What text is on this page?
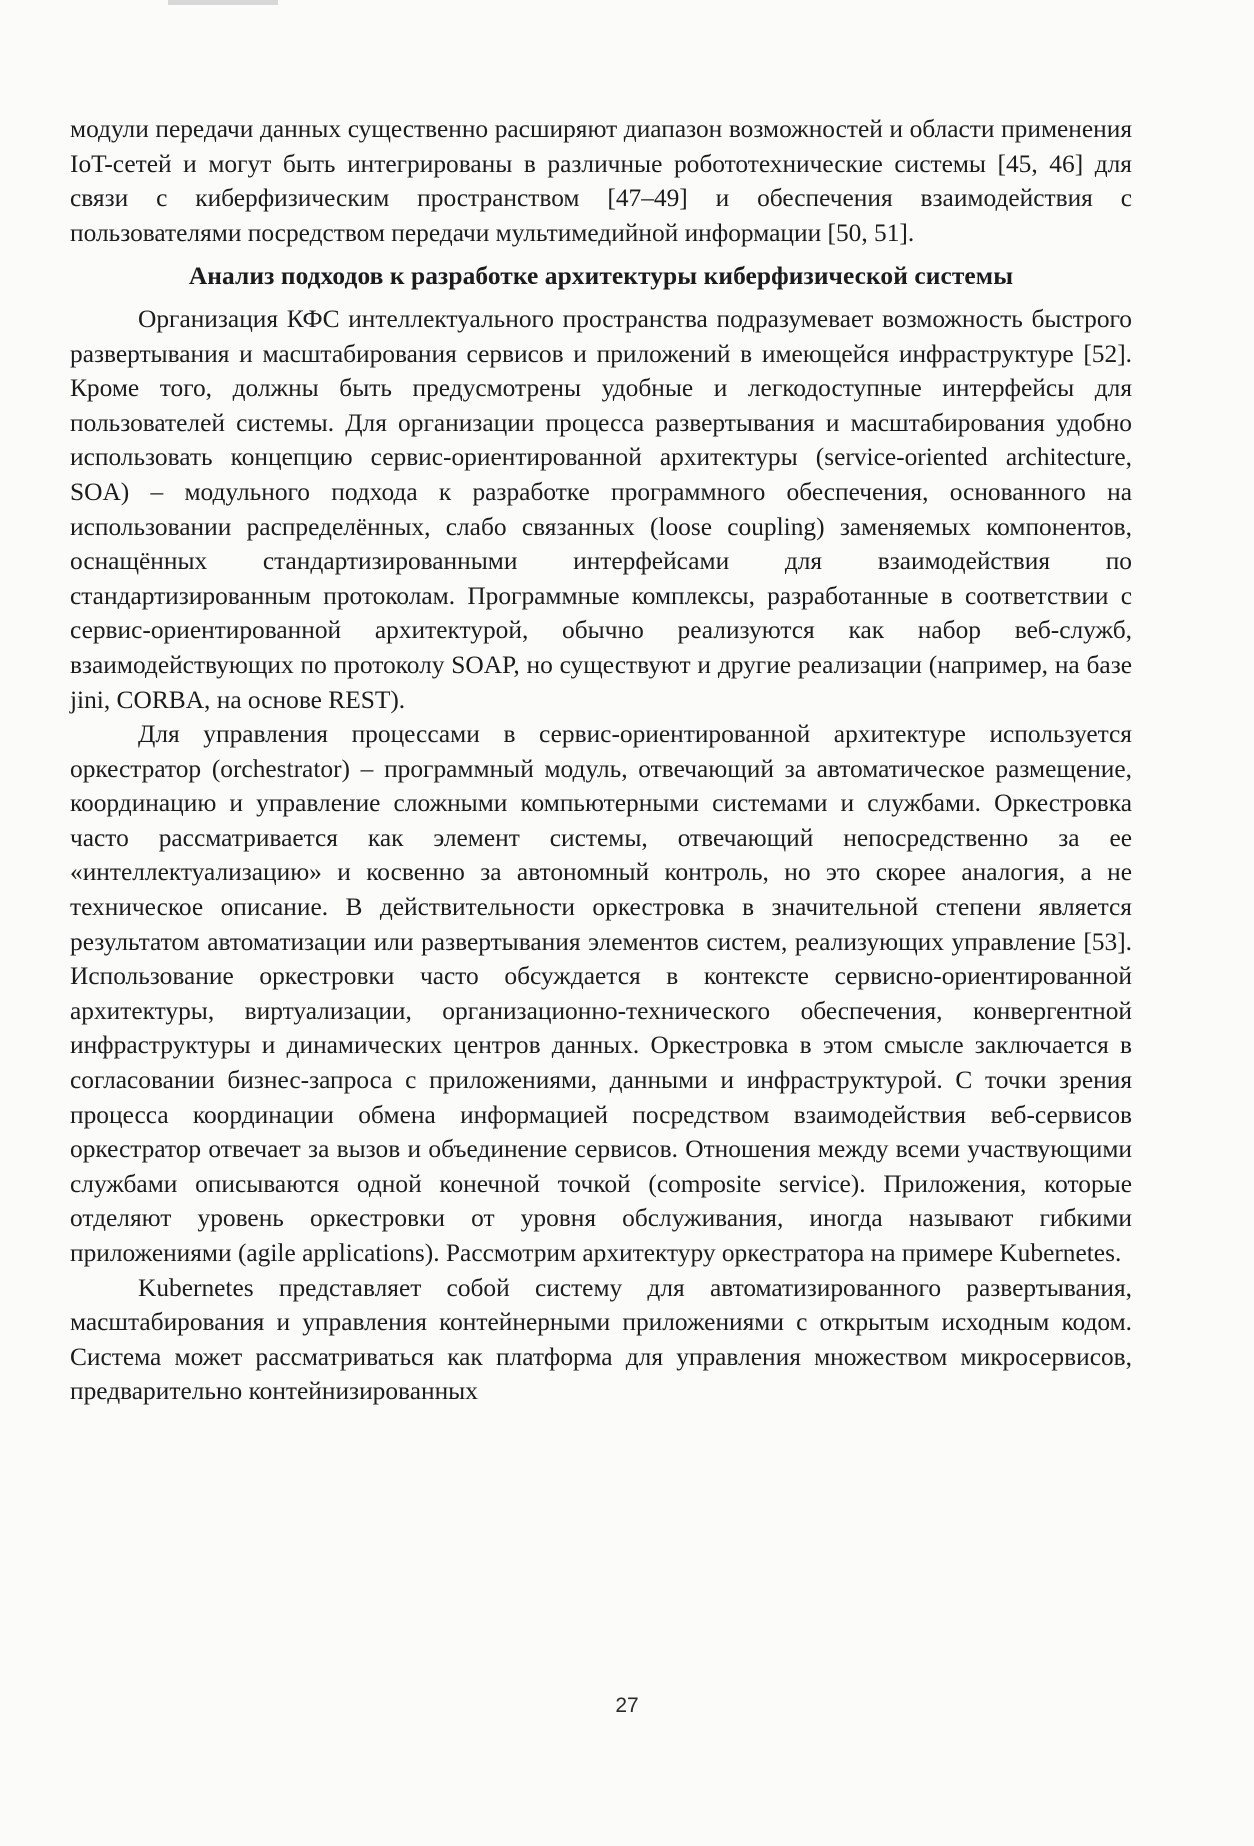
модули передачи данных существенно расширяют диапазон возможностей и области применения IoT-сетей и могут быть интегрированы в различные робототехнические системы [45, 46] для связи с киберфизическим пространством [47–49] и обеспечения взаимодействия с пользователями посредством передачи мультимедийной информации [50, 51].

Анализ подходов к разработке архитектуры киберфизической системы

Организация КФС интеллектуального пространства подразумевает возможность быстрого развертывания и масштабирования сервисов и приложений в имеющейся инфраструктуре [52]. Кроме того, должны быть предусмотрены удобные и легкодоступные интерфейсы для пользователей системы. Для организации процесса развертывания и масштабирования удобно использовать концепцию сервис-ориентированной архитектуры (service-oriented architecture, SOA) – модульного подхода к разработке программного обеспечения, основанного на использовании распределённых, слабо связанных (loose coupling) заменяемых компонентов, оснащённых стандартизированными интерфейсами для взаимодействия по стандартизированным протоколам. Программные комплексы, разработанные в соответствии с сервис-ориентированной архитектурой, обычно реализуются как набор веб-служб, взаимодействующих по протоколу SOAP, но существуют и другие реализации (например, на базе jini, CORBA, на основе REST).

Для управления процессами в сервис-ориентированной архитектуре используется оркестратор (orchestrator) – программный модуль, отвечающий за автоматическое размещение, координацию и управление сложными компьютерными системами и службами. Оркестровка часто рассматривается как элемент системы, отвечающий непосредственно за ее «интеллектуализацию» и косвенно за автономный контроль, но это скорее аналогия, а не техническое описание. В действительности оркестровка в значительной степени является результатом автоматизации или развертывания элементов систем, реализующих управление [53]. Использование оркестровки часто обсуждается в контексте сервисно-ориентированной архитектуры, виртуализации, организационно-технического обеспечения, конвергентной инфраструктуры и динамических центров данных. Оркестровка в этом смысле заключается в согласовании бизнес-запроса с приложениями, данными и инфраструктурой. С точки зрения процесса координации обмена информацией посредством взаимодействия веб-сервисов оркестратор отвечает за вызов и объединение сервисов. Отношения между всеми участвующими службами описываются одной конечной точкой (composite service). Приложения, которые отделяют уровень оркестровки от уровня обслуживания, иногда называют гибкими приложениями (agile applications). Рассмотрим архитектуру оркестратора на примере Kubernetes.

Kubernetes представляет собой систему для автоматизированного развертывания, масштабирования и управления контейнерными приложениями с открытым исходным кодом. Система может рассматриваться как платформа для управления множеством микросервисов, предварительно контейнизированных

27
